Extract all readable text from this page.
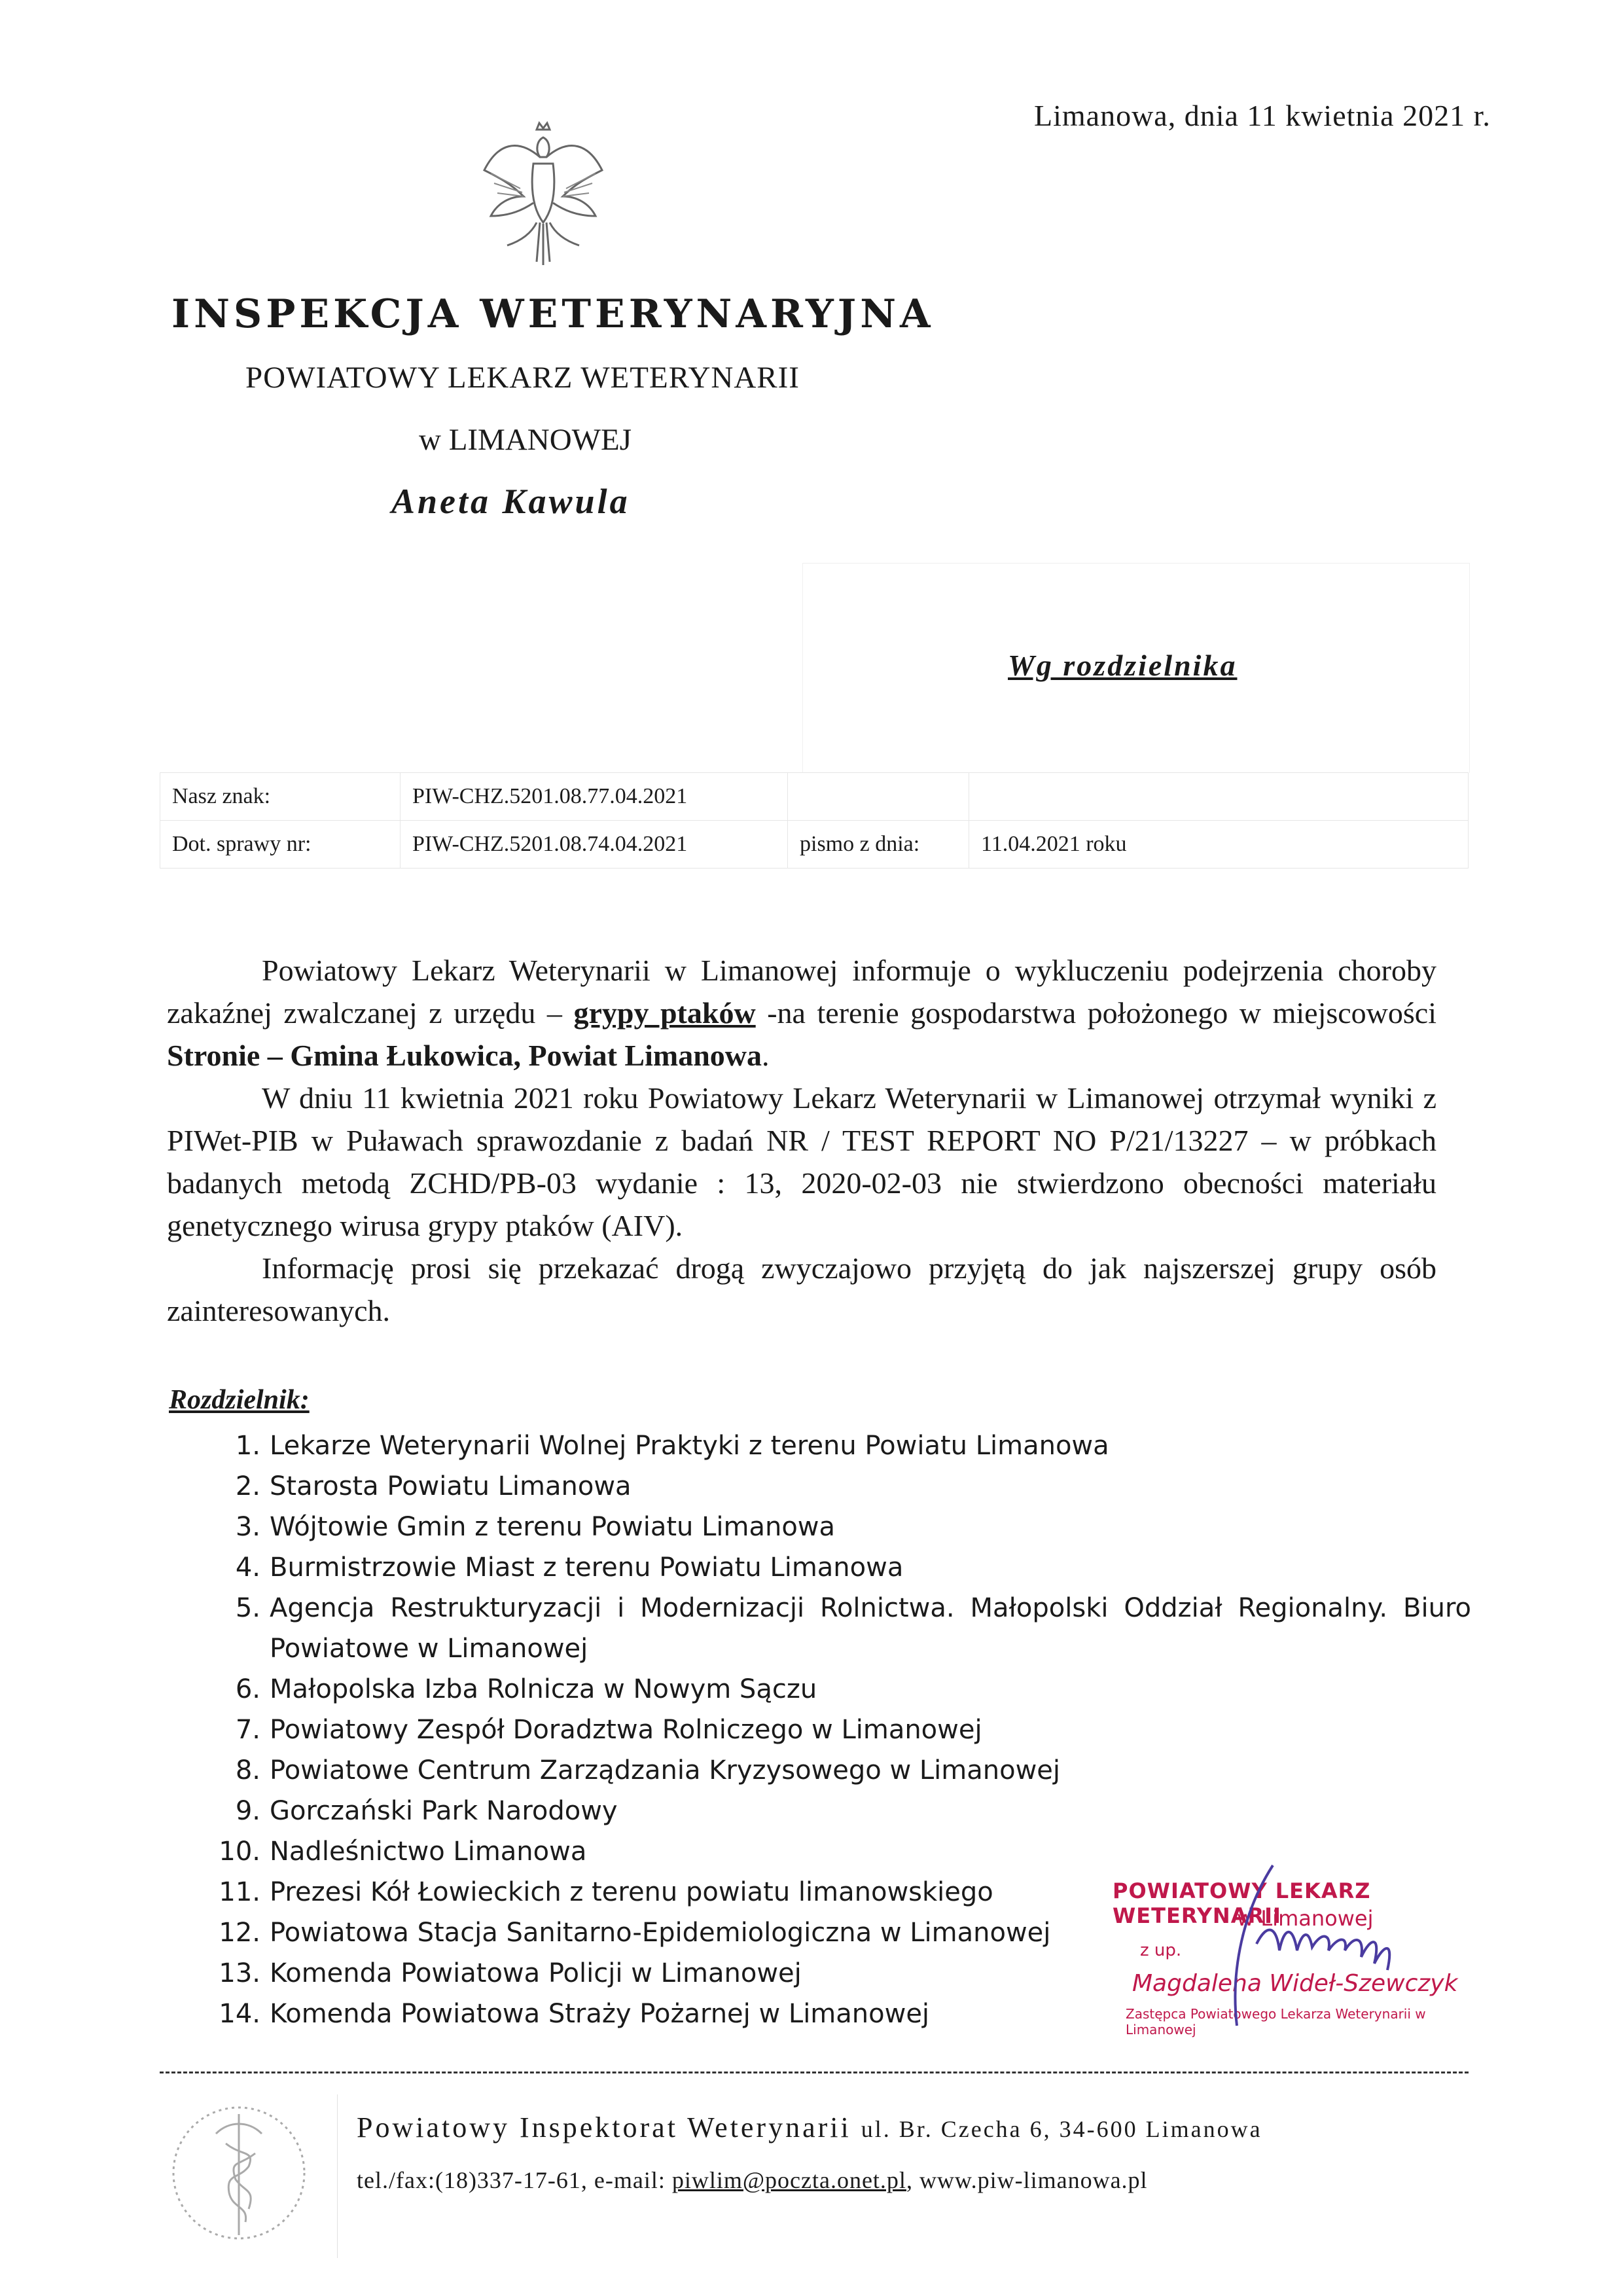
Limanowa, dnia 11 kwietnia 2021 r.
INSPEKCJA WETERYNARYJNA
POWIATOWY LEKARZ WETERYNARII
w LIMANOWEJ
Aneta Kawula
Wg rozdzielnika
Nasz znak:	PIW-CHZ.5201.08.77.04.2021		
Dot. sprawy nr:	PIW-CHZ.5201.08.74.04.2021	pismo z dnia:	11.04.2021 roku

Powiatowy Lekarz Weterynarii w Limanowej informuje o wykluczeniu podejrzenia choroby zakaźnej zwalczanej z urzędu – grypy ptaków -na terenie gospodarstwa położonego w miejscowości Stronie – Gmina Łukowica, Powiat Limanowa.

W dniu 11 kwietnia 2021 roku Powiatowy Lekarz Weterynarii w Limanowej otrzymał wyniki z PIWet-PIB w Puławach sprawozdanie z badań NR / TEST REPORT NO P/21/13227 – w próbkach badanych metodą ZCHD/PB-03 wydanie : 13, 2020-02-03 nie stwierdzono obecności materiału genetycznego wirusa grypy ptaków (AIV).

Informację prosi się przekazać drogą zwyczajowo przyjętą do jak najszerszej grupy osób zainteresowanych.

Rozdzielnik:
1. Lekarze Weterynarii Wolnej Praktyki z terenu Powiatu Limanowa
2. Starosta Powiatu Limanowa
3. Wójtowie Gmin z terenu Powiatu Limanowa
4. Burmistrzowie Miast z terenu Powiatu Limanowa
5. Agencja Restrukturyzacji i Modernizacji Rolnictwa. Małopolski Oddział Regionalny. Biuro Powiatowe w Limanowej
6. Małopolska Izba Rolnicza w Nowym Sączu
7. Powiatowy Zespół Doradztwa Rolniczego w Limanowej
8. Powiatowe Centrum Zarządzania Kryzysowego w Limanowej
9. Gorczański Park Narodowy
10. Nadleśnictwo Limanowa
11. Prezesi Kół Łowieckich z terenu powiatu limanowskiego
12. Powiatowa Stacja Sanitarno-Epidemiologiczna w Limanowej
13. Komenda Powiatowa Policji w Limanowej
14. Komenda Powiatowa Straży Pożarnej w Limanowej
POWIATOWY LEKARZ WETERYNARII
w Limanowej
z up.
Magdalena Wideł-Szewczyk
Zastępca Powiatowego Lekarza Weterynarii w Limanowej
Powiatowy Inspektorat Weterynarii ul. Br. Czecha 6, 34-600 Limanowa
tel./fax:(18)337-17-61, e-mail: piwlim@poczta.onet.pl, www.piw-limanowa.pl
